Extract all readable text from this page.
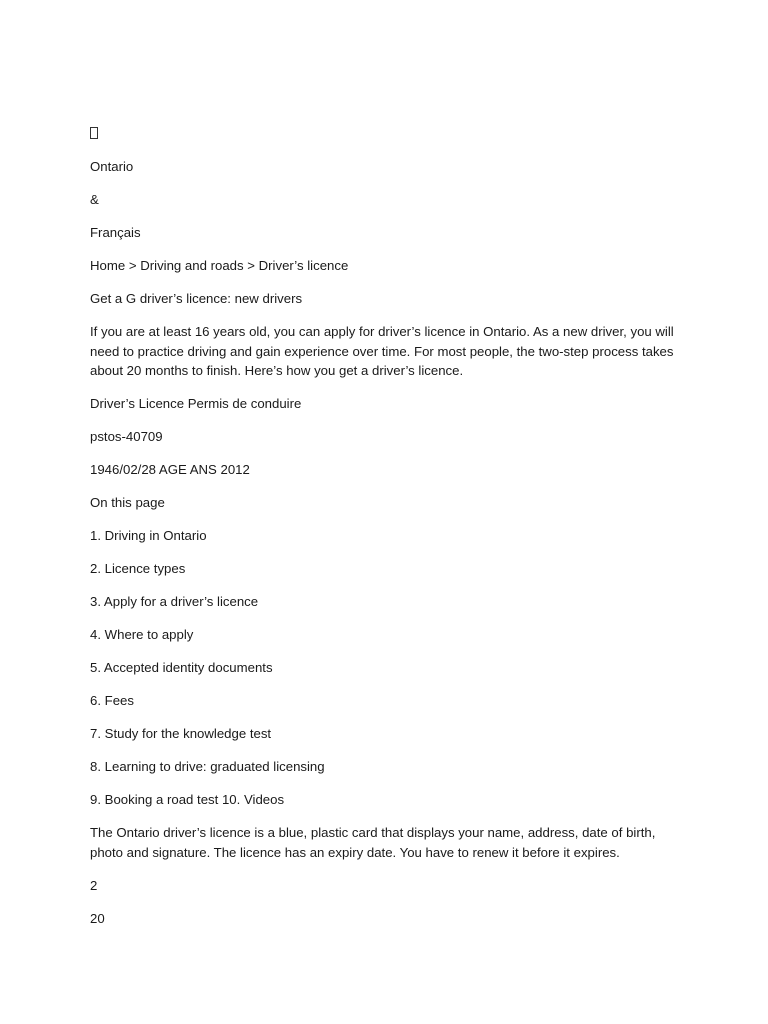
Ontario

&

Français

Home > Driving and roads > Driver’s licence

Get a G driver’s licence: new drivers

If you are at least 16 years old, you can apply for driver’s licence in Ontario. As a new driver, you will need to practice driving and gain experience over time. For most people, the two-step process takes about 20 months to finish. Here’s how you get a driver’s licence.

Driver’s Licence Permis de conduire

pstos-40709

1946/02/28 AGE ANS 2012

On this page

1. Driving in Ontario

2. Licence types

3. Apply for a driver’s licence

4. Where to apply

5. Accepted identity documents

6. Fees

7. Study for the knowledge test

8. Learning to drive: graduated licensing

9. Booking a road test 10. Videos

The Ontario driver’s licence is a blue, plastic card that displays your name, address, date of birth, photo and signature. The licence has an expiry date. You have to renew it before it expires.

2

20
